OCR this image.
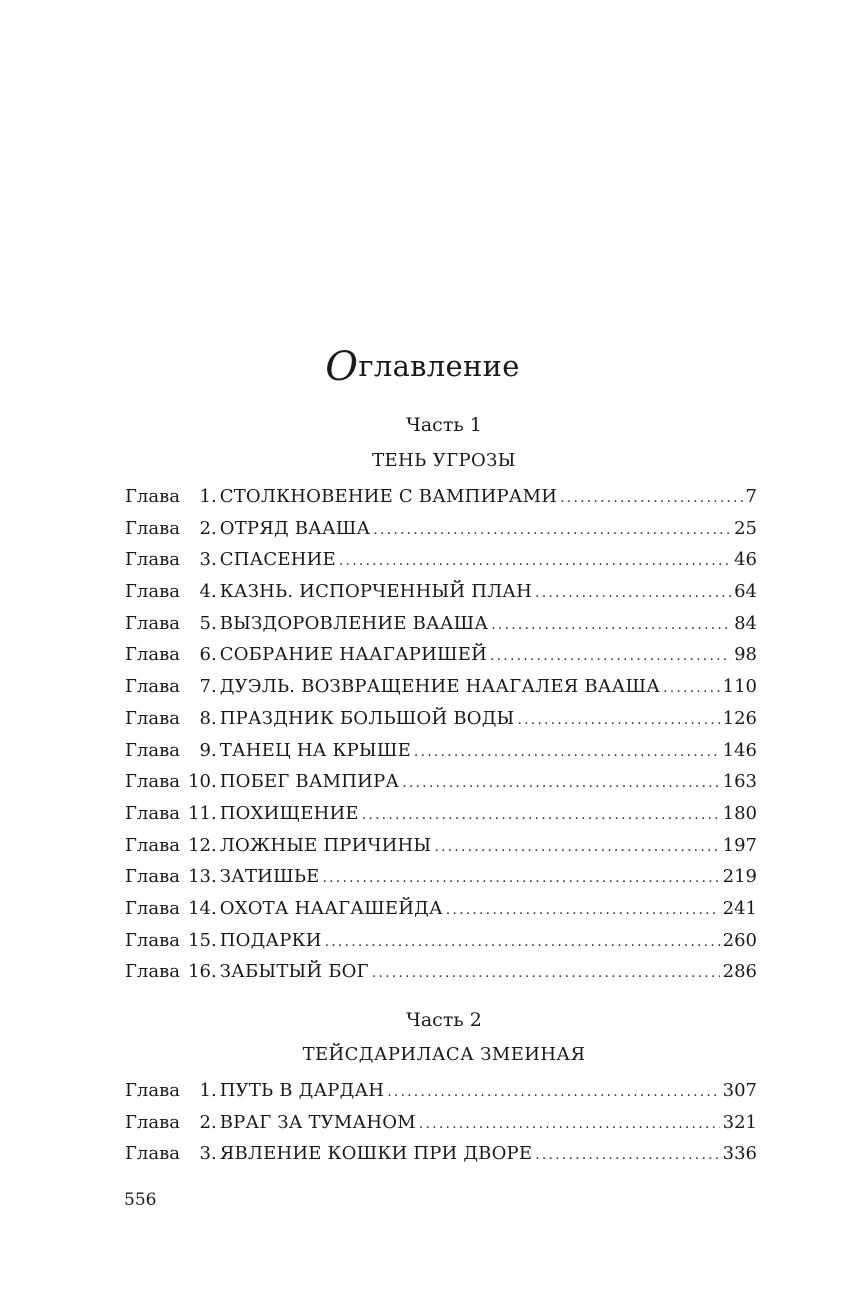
Оглавление
Часть 1
ТЕНЬ УГРОЗЫ
Глава	1 . СТОЛКНОВЕНИЕ С ВАМПИРАМИ .....	7
Глава	2 . ОТРЯД ВААША .....	25
Глава	3 . СПАСЕНИЕ .....	46
Глава	4 . КАЗНЬ. ИСПОРЧЕННЫЙ ПЛАН .....	64
Глава	5 . ВЫЗДОРОВЛЕНИЕ ВААША .....	84
Глава	6 . СОБРАНИЕ НААГАРИШЕЙ .....	98
Глава	7 . ДУЭЛЬ. ВОЗВРАЩЕНИЕ НААГАЛЕЯ ВААША .....	110
Глава	8 . ПРАЗДНИК БОЛЬШОЙ ВОДЫ .....	126
Глава	9 . ТАНЕЦ НА КРЫШЕ .....	146
Глава 10 . ПОБЕГ ВАМПИРА .....	163
Глава 11 . ПОХИЩЕНИЕ .....	180
Глава 12 . ЛОЖНЫЕ ПРИЧИНЫ .....	197
Глава 13 . ЗАТИШЬЕ .....	219
Глава 14 . ОХОТА НААГАШЕЙДА .....	241
Глава 15 . ПОДАРКИ .....	260
Глава 16 . ЗАБЫТЫЙ БОГ .....	286
Часть 2
ТЕЙСДАРИЛАСА ЗМЕИНАЯ
Глава	1 . ПУТЬ В ДАРДАН .....	307
Глава	2 . ВРАГ ЗА ТУМАНОМ .....	321
Глава	3 . ЯВЛЕНИЕ КОШКИ ПРИ ДВОРЕ .....	336
556
